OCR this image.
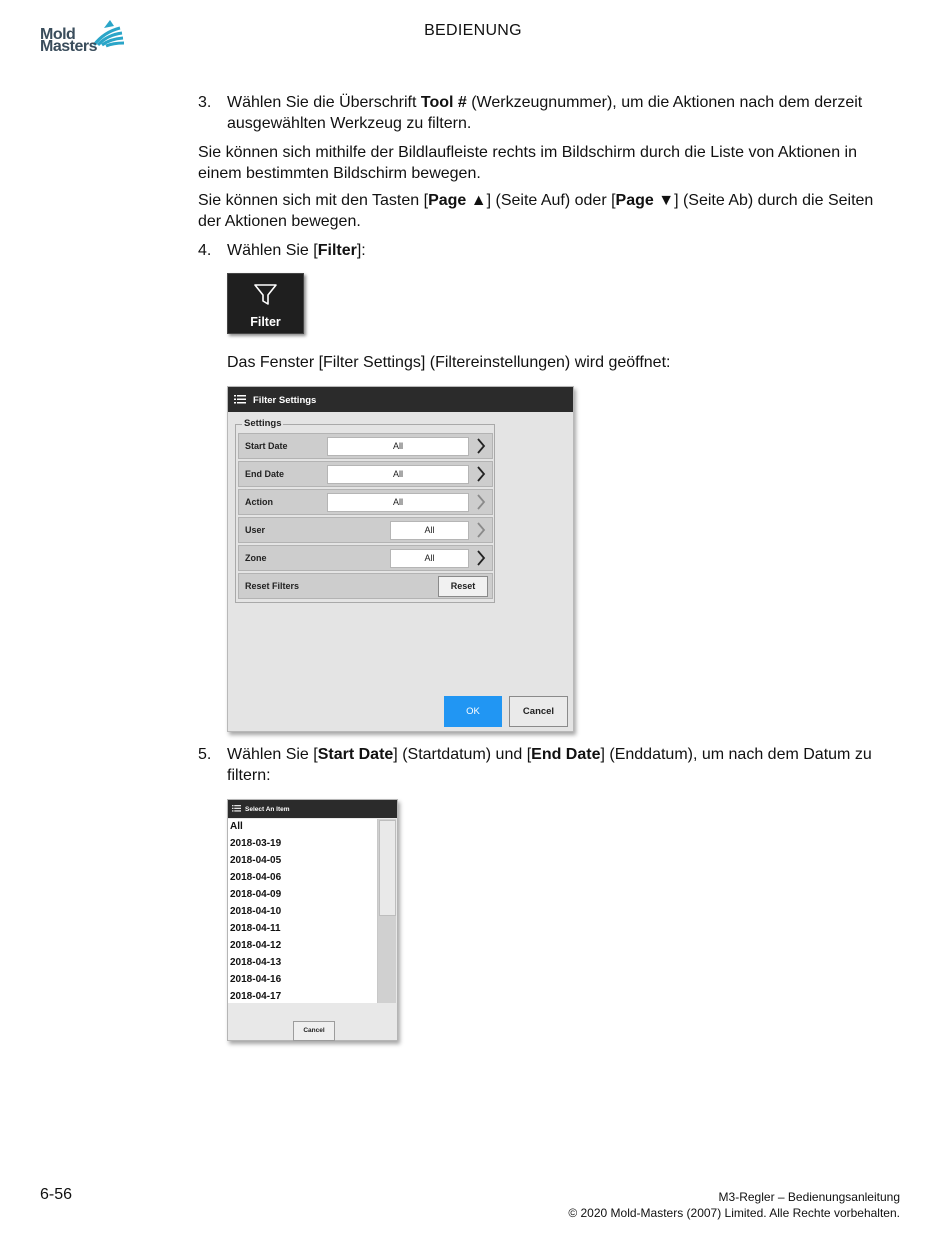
Mold
Masters
BEDIENUNG
3. Wählen Sie die Überschrift Tool # (Werkzeugnummer), um die Aktionen nach dem derzeit ausgewählten Werkzeug zu filtern.
Sie können sich mithilfe der Bildlaufleiste rechts im Bildschirm durch die Liste von Aktionen in einem bestimmten Bildschirm bewegen.
Sie können sich mit den Tasten [Page ▲] (Seite Auf) oder [Page ▼] (Seite Ab) durch die Seiten der Aktionen bewegen.
4. Wählen Sie [Filter]:
Filter
Das Fenster [Filter Settings] (Filtereinstellungen) wird geöffnet:
Filter Settings
Settings
Start Date	All
End Date	All
Action	All
User	All
Zone	All
Reset Filters	Reset
OK	Cancel
5. Wählen Sie [Start Date] (Startdatum) und [End Date] (Enddatum), um nach dem Datum zu filtern:
Select An Item
All
2018-03-19
2018-04-05
2018-04-06
2018-04-09
2018-04-10
2018-04-11
2018-04-12
2018-04-13
2018-04-16
2018-04-17
Cancel
6-56	M3-Regler – Bedienungsanleitung
© 2020 Mold-Masters (2007) Limited. Alle Rechte vorbehalten.
